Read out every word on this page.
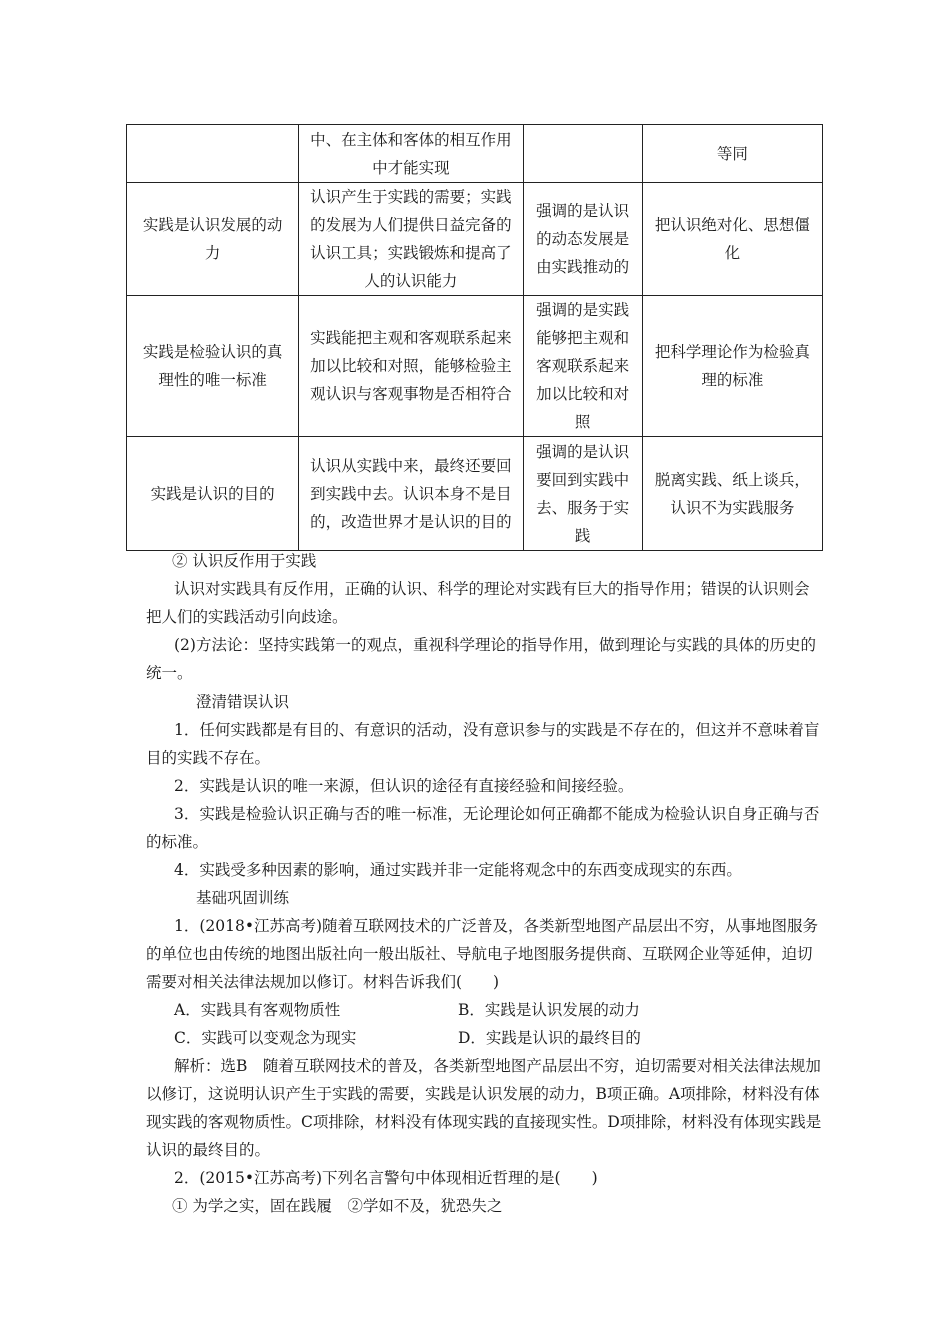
	中、在主体和客体的相互作用中才能实现		等同
实践是认识发展的动力	认识产生于实践的需要；实践的发展为人们提供日益完备的认识工具；实践锻炼和提高了人的认识能力	强调的是认识的动态发展是由实践推动的	把认识绝对化、思想僵化
实践是检验认识的真理性的唯一标准	实践能把主观和客观联系起来加以比较和对照，能够检验主观认识与客观事物是否相符合	强调的是实践能够把主观和客观联系起来加以比较和对照	把科学理论作为检验真理的标准
实践是认识的目的	认识从实践中来，最终还要回到实践中去。认识本身不是目的，改造世界才是认识的目的	强调的是认识要回到实践中去、服务于实践	脱离实践、纸上谈兵，认识不为实践服务
② 认识反作用于实践
认识对实践具有反作用，正确的认识、科学的理论对实践有巨大的指导作用；错误的认识则会把人们的实践活动引向歧途。
(2)方法论：坚持实践第一的观点，重视科学理论的指导作用，做到理论与实践的具体的历史的统一。
澄清错误认识
1．任何实践都是有目的、有意识的活动，没有意识参与的实践是不存在的，但这并不意味着盲目的实践不存在。
2．实践是认识的唯一来源，但认识的途径有直接经验和间接经验。
3．实践是检验认识正确与否的唯一标准，无论理论如何正确都不能成为检验认识自身正确与否的标准。
4．实践受多种因素的影响，通过实践并非一定能将观念中的东西变成现实的东西。
基础巩固训练
1．(2018•江苏高考)随着互联网技术的广泛普及，各类新型地图产品层出不穷，从事地图服务的单位也由传统的地图出版社向一般出版社、导航电子地图服务提供商、互联网企业等延伸，迫切需要对相关法律法规加以修订。材料告诉我们(　　)
A．实践具有客观物质性	B．实践是认识发展的动力
C．实践可以变观念为现实	D．实践是认识的最终目的
解析：选B　随着互联网技术的普及，各类新型地图产品层出不穷，迫切需要对相关法律法规加以修订，这说明认识产生于实践的需要，实践是认识发展的动力，B项正确。A项排除，材料没有体现实践的客观物质性。C项排除，材料没有体现实践的直接现实性。D项排除，材料没有体现实践是认识的最终目的。
2．(2015•江苏高考)下列名言警句中体现相近哲理的是(　　)
① 为学之实，固在践履　②学如不及，犹恐失之
